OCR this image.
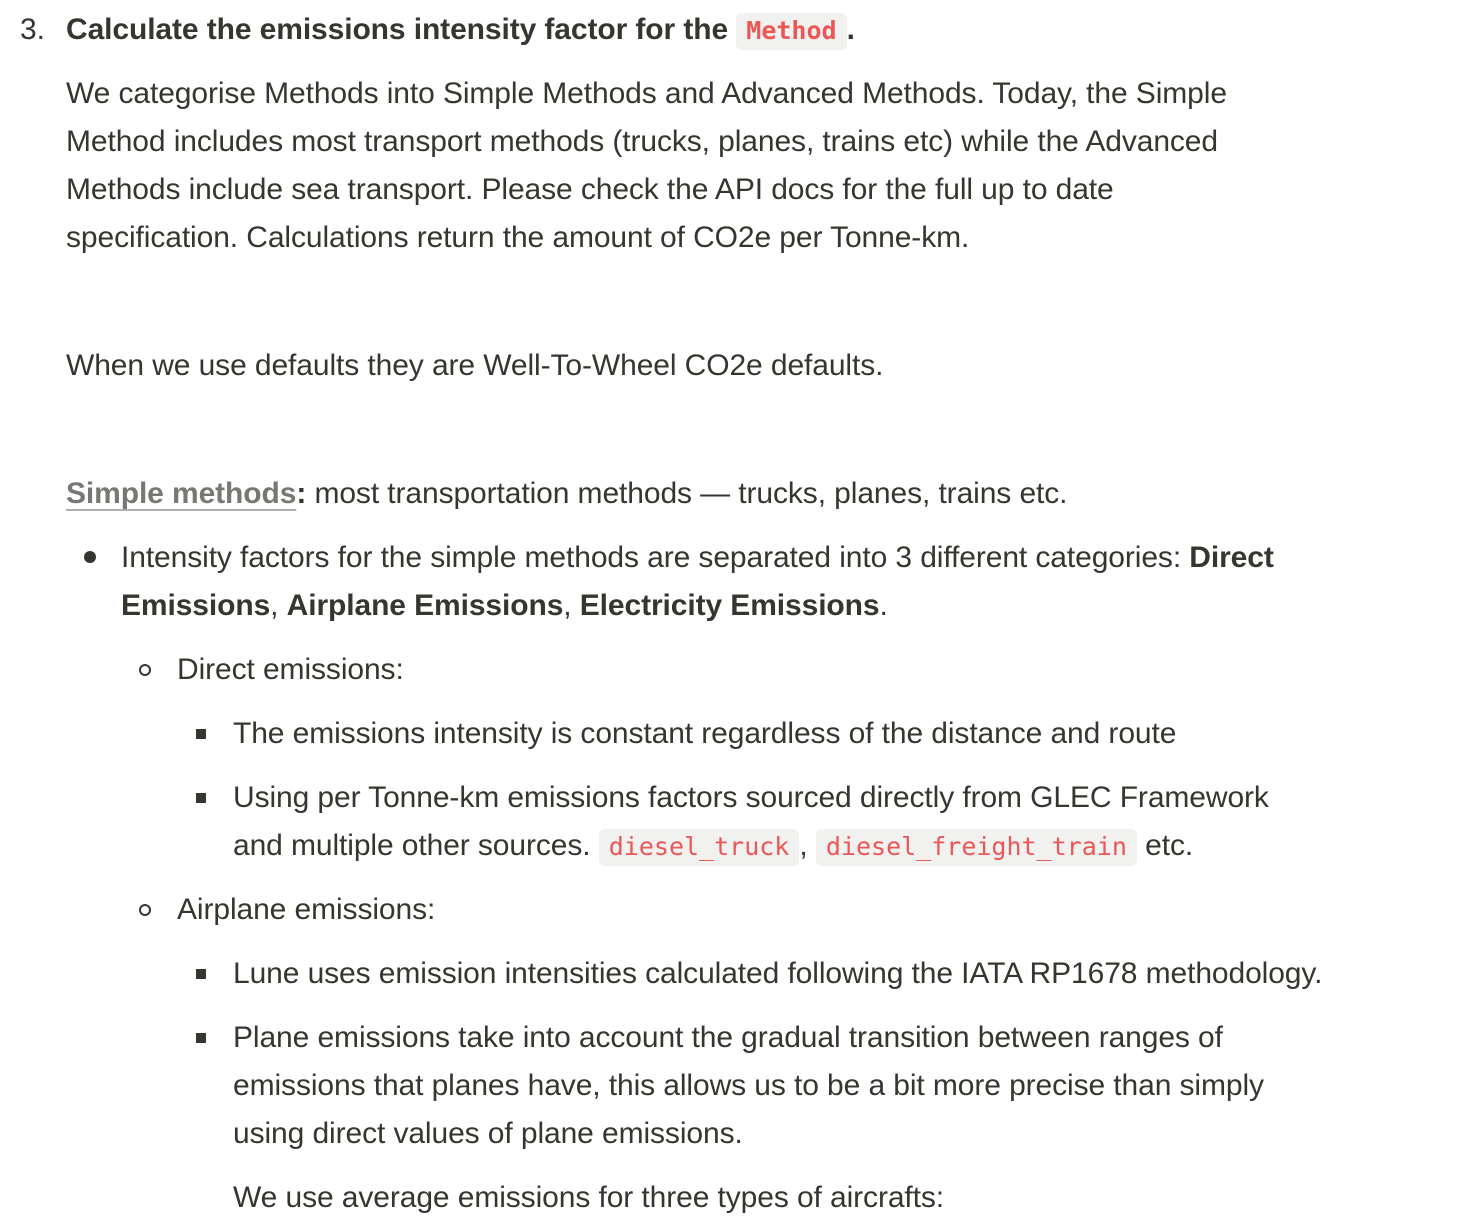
3. Calculate the emissions intensity factor for the Method .
We categorise Methods into Simple Methods and Advanced Methods. Today, the Simple
Method includes most transport methods (trucks, planes, trains etc) while the Advanced
Methods include sea transport. Please check the API docs for the full up to date
specification. Calculations return the amount of CO2e per Tonne-km.
When we use defaults they are Well-To-Wheel CO2e defaults.
Simple methods: most transportation methods — trucks, planes, trains etc.
Intensity factors for the simple methods are separated into 3 different categories: Direct
Emissions, Airplane Emissions, Electricity Emissions.
Direct emissions:
The emissions intensity is constant regardless of the distance and route
Using per Tonne-km emissions factors sourced directly from GLEC Framework
and multiple other sources. diesel_truck , diesel_freight_train etc.
Airplane emissions:
Lune uses emission intensities calculated following the IATA RP1678 methodology.
Plane emissions take into account the gradual transition between ranges of
emissions that planes have, this allows us to be a bit more precise than simply
using direct values of plane emissions.
We use average emissions for three types of aircrafts:
